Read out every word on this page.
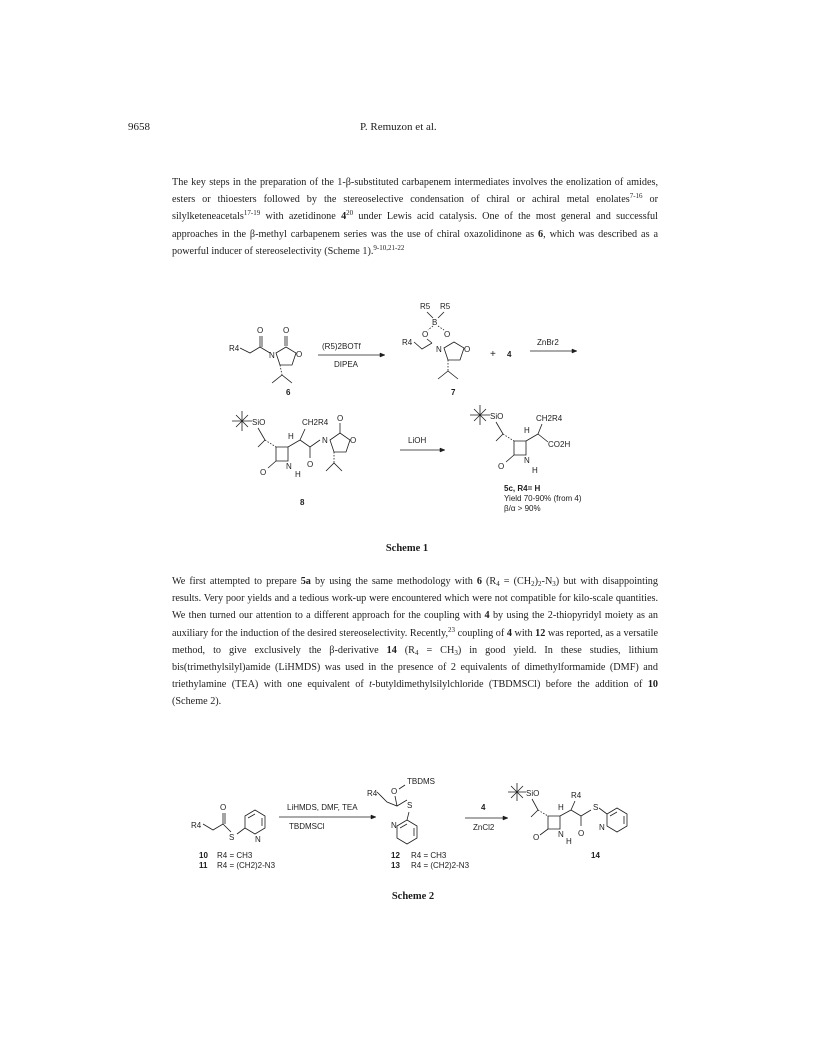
9658	P. Remuzon et al.

The key steps in the preparation of the 1-β-substituted carbapenem intermediates involves the enolization of amides, esters or thioesters followed by the stereoselective condensation of chiral or achiral metal enolates$^{7-16}$ or silylketeneacetals$^{17-19}$ with azetidinone $4^{20}$ under Lewis acid catalysis. One of the most general and successful approaches in the β-methyl carbapenem series was the use of chiral oxazolidinone as 6, which was described as a powerful inducer of stereoselectivity (Scheme 1).$^{9-10,21-22}$

R4
O
N
O
O
6
(R5)2BOTf
DIPEA
R5 R5
B
O O
R4
N	O
7
+ 4
ZnBr2
SiO
O
N
H
H
CH2R4
O
N
O
O
8
LiOH
SiO
O
N
H
H
CH2R4
CO2H
5c, R4= H
Yield 70-90% (from 4)
β/α > 90%
Scheme 1

We first attempted to prepare 5a by using the same methodology with 6 $(R_4 = (CH_2)_2-N_3)$ but with disappointing results. Very poor yields and a tedious work-up were encountered which were not compatible for kilo-scale quantities. We then turned our attention to a different approach for the coupling with 4 by using the 2-thiopyridyl moiety as an auxiliary for the induction of the desired stereoselectivity. Recently,$^{23}$ coupling of 4 with 12 was reported, as a versatile method, to give exclusively the β-derivative 14 $(R_4 = CH_3)$ in good yield. In these studies, lithium bis(trimethylsilyl)amide (LiHMDS) was used in the presence of 2 equivalents of dimethylformamide (DMF) and triethylamine (TEA) with one equivalent of t-butyldimethylsilylchloride (TBDMSCl) before the addition of 10 (Scheme 2).

R4
O
S	N
10 R4 = CH3
11 R4 = (CH2)2-N3
LiHMDS, DMF, TEA
TBDMSCl
TBDMS
O
R4
S
N
12 R4 = CH3
13 R4 = (CH2)2-N3
4
ZnCl2
SiO
O N
H
H
R4
O
S
N
14
Scheme 2
